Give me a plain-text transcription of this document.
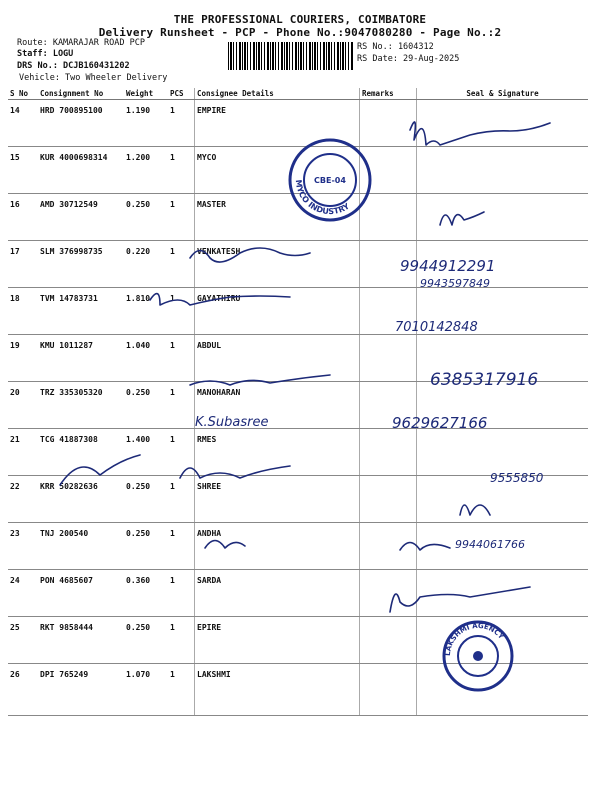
THE PROFESSIONAL COURIERS, COIMBATORE
Delivery Runsheet - PCP - Phone No.:9047080280 - Page No.:2
Route: KAMARAJAR ROAD PCP
Staff: LOGU
DRS No.: DCJB160431202
Vehicle: Two Wheeler Delivery
RS No.: 1604312
RS Date: 29-Aug-2025
S No	Consignment No	Weight	PCS	Consignee Details	Remarks	Seal & Signature
14	HRD 700895100	1.190	1	EMPIRE		
15	KUR 4000698314	1.200	1	MYCO		
16	AMD 30712549	0.250	1	MASTER		
17	SLM 376998735	0.220	1	VENKATESH		
18	TVM 14783731	1.810	1	GAYATHIRU		
19	KMU 1011287	1.040	1	ABDUL		
20	TRZ 335305320	0.250	1	MANOHARAN		
21	TCG 41887308	1.400	1	RMES		
22	KRR 50282636	0.250	1	SHREE		
23	TNJ 200540	0.250	1	ANDHA		
24	PON 4685607	0.360	1	SARDA		
25	RKT 9858444	0.250	1	EPIRE		
26	DPI 765249	1.070	1	LAKSHMI		
MYCO INDUSTRY
CBE-04
LAKSHMI AGENCY
9944912291
9943597849
7010142848
6385317916
9629627166
K.Subasree
9555850
9944061766
